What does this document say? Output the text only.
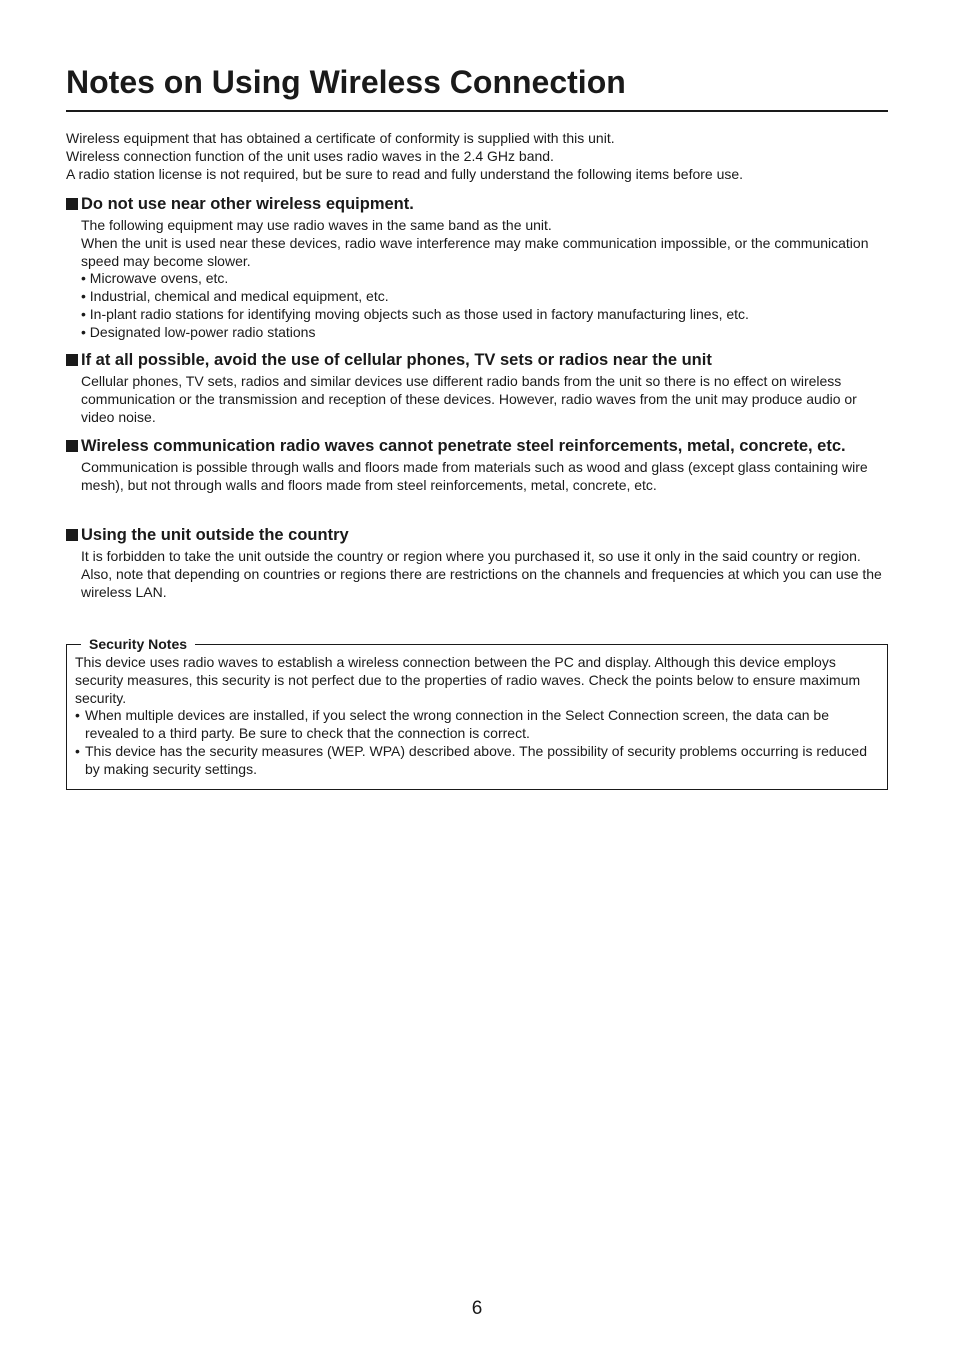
Notes on Using Wireless Connection

Wireless equipment that has obtained a certificate of conformity is supplied with this unit.

Wireless connection function of the unit uses radio waves in the 2.4 GHz band.

A radio station license is not required, but be sure to read and fully understand the following items before use.

Do not use near other wireless equipment.

The following equipment may use radio waves in the same band as the unit.

When the unit is used near these devices, radio wave interference may make communication impossible, or the communication speed may become slower.

• Microwave ovens, etc.
• Industrial, chemical and medical equipment, etc.
• In-plant radio stations for identifying moving objects such as those used in factory manufacturing lines, etc.
• Designated low-power radio stations
If at all possible, avoid the use of cellular phones, TV sets or radios near the unit

Cellular phones, TV sets, radios and similar devices use different radio bands from the unit so there is no effect on wireless communication or the transmission and reception of these devices. However, radio waves from the unit may produce audio or video noise.

Wireless communication radio waves cannot penetrate steel reinforcements, metal, concrete, etc.

Communication is possible through walls and floors made from materials such as wood and glass (except glass containing wire mesh), but not through walls and floors made from steel reinforcements, metal, concrete, etc.

Using the unit outside the country

It is forbidden to take the unit outside the country or region where you purchased it, so use it only in the said country or region. Also, note that depending on countries or regions there are restrictions on the channels and frequencies at which you can use the wireless LAN.

Security Notes

This device uses radio waves to establish a wireless connection between the PC and display. Although this device employs security measures, this security is not perfect due to the properties of radio waves. Check the points below to ensure maximum security.

• When multiple devices are installed, if you select the wrong connection in the Select Connection screen, the data can be revealed to a third party. Be sure to check that the connection is correct.
• This device has the security measures (WEP. WPA) described above. The possibility of security problems occurring is reduced by making security settings.
6
